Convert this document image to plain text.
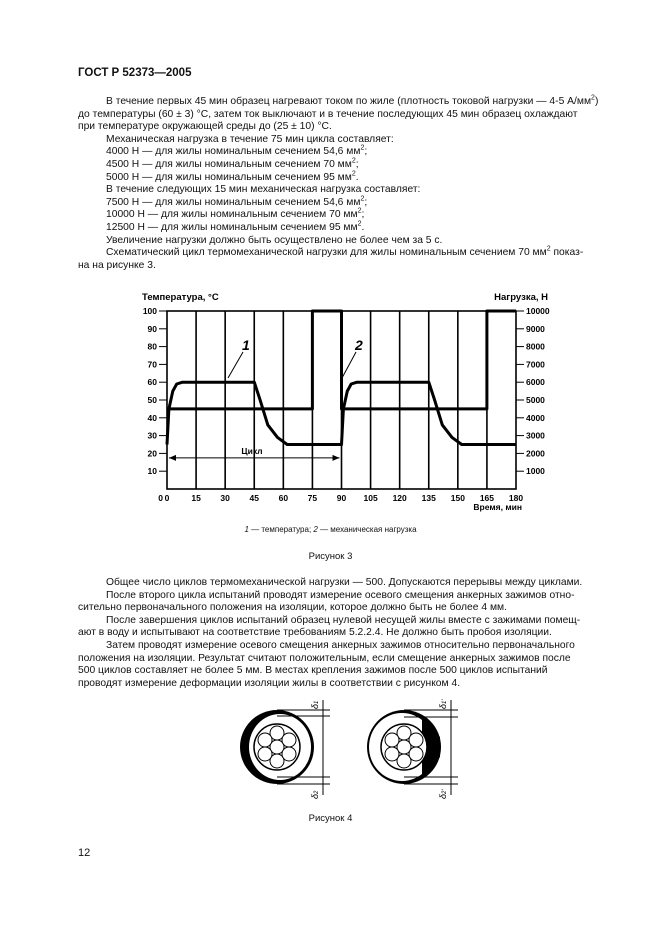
ГОСТ Р 52373—2005

В течение первых 45 мин образец нагревают током по жиле (плотность токовой нагрузки — 4-5 $А/мм^2$)

до температуры (60 ± 3) °С, затем ток выключают и в течение последующих 45 мин образец охлаждают

при температуре окружающей среды до (25 ± 10) °С.

Механическая нагрузка в течение 75 мин цикла составляет:

4000 Н — для жилы номинальным сечением 54,6 $мм^2$;

4500 Н — для жилы номинальным сечением 70 $мм^2$;

5000 Н — для жилы номинальным сечением 95 $мм^2$.

В течение следующих 15 мин механическая нагрузка составляет:

7500 Н — для жилы номинальным сечением 54,6 $мм^2$;

10000 Н — для жилы номинальным сечением 70 $мм^2$;

12500 Н — для жилы номинальным сечением 95 $мм^2$.

Увеличение нагрузки должно быть осуществлено не более чем за 5 с.

Схематический цикл термомеханической нагрузки для жилы номинальным сечением 70 $мм^2$ показ-

на на рисунке 3.

0	15 30 45 60 75 90 105 120 135 150 165 180
0
10
20
30
40
50
60
70
80
90
100
1000
2000
3000
4000
5000
6000
7000
8000
9000
10000
Температура, °С	Нагрузка, Н
Время, мин
Цикл
1	2
1 — температура; 2 — механическая нагрузка
Рисунок 3

Общее число циклов термомеханической нагрузки — 500. Допускаются перерывы между циклами.

После второго цикла испытаний проводят измерение осевого смещения анкерных зажимов отно-

сительно первоначального положения на изоляции, которое должно быть не более 4 мм.

После завершения циклов испытаний образец нулевой несущей жилы вместе с зажимами помещ-

ают в воду и испытывают на соответствие требованиям 5.2.2.4. Не должно быть пробоя изоляции.

Затем проводят измерение осевого смещения анкерных зажимов относительно первоначального

положения на изоляции. Результат считают положительным, если смещение анкерных зажимов после

500 циклов составляет не более 5 мм. В местах крепления зажимов после 500 циклов испытаний

проводят измерение деформации изоляции жилы в соответствии с рисунком 4.

δ1
δ2
δ1′
δ2′
Рисунок 4
12
